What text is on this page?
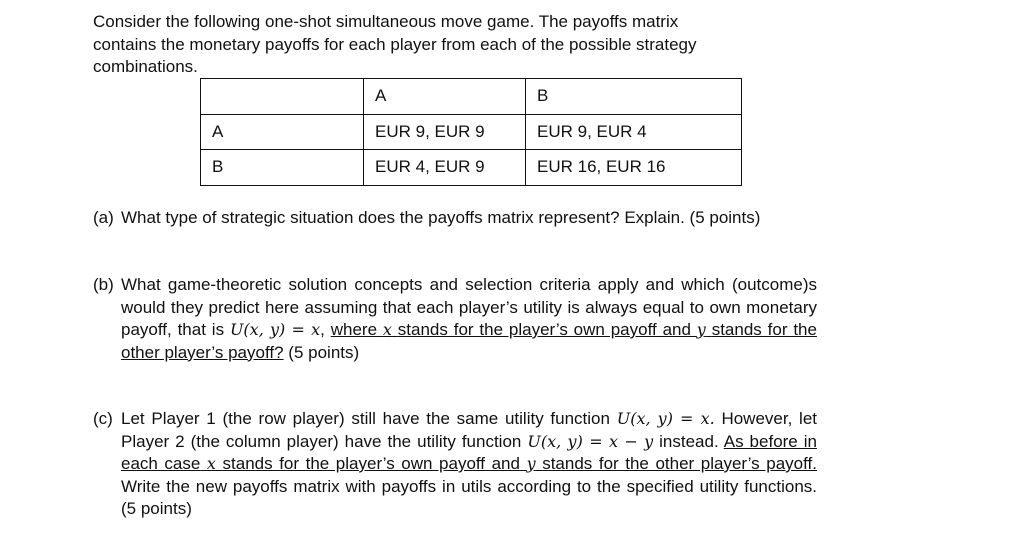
Consider the following one-shot simultaneous move game. The payoffs matrix
contains the monetary payoffs for each player from each of the possible strategy
combinations.
	A	B
A	EUR 9, EUR 9	EUR 9, EUR 4
B	EUR 4, EUR 9	EUR 16, EUR 16
(a) What type of strategic situation does the payoffs matrix represent? Explain. (5 points)
(b) What game-theoretic solution concepts and selection criteria apply and which (outcome)s would they predict here assuming that each player’s utility is always equal to own monetary payoff, that is U(x, y) = x, where x stands for the player’s own payoff and y stands for the other player’s payoff? (5 points)
(c) Let Player 1 (the row player) still have the same utility function U(x, y) = x. However, let Player 2 (the column player) have the utility function U(x, y) = x − y instead. As before in each case x stands for the player’s own payoff and y stands for the other player’s payoff. Write the new payoffs matrix with payoffs in utils according to the specified utility functions. (5 points)
